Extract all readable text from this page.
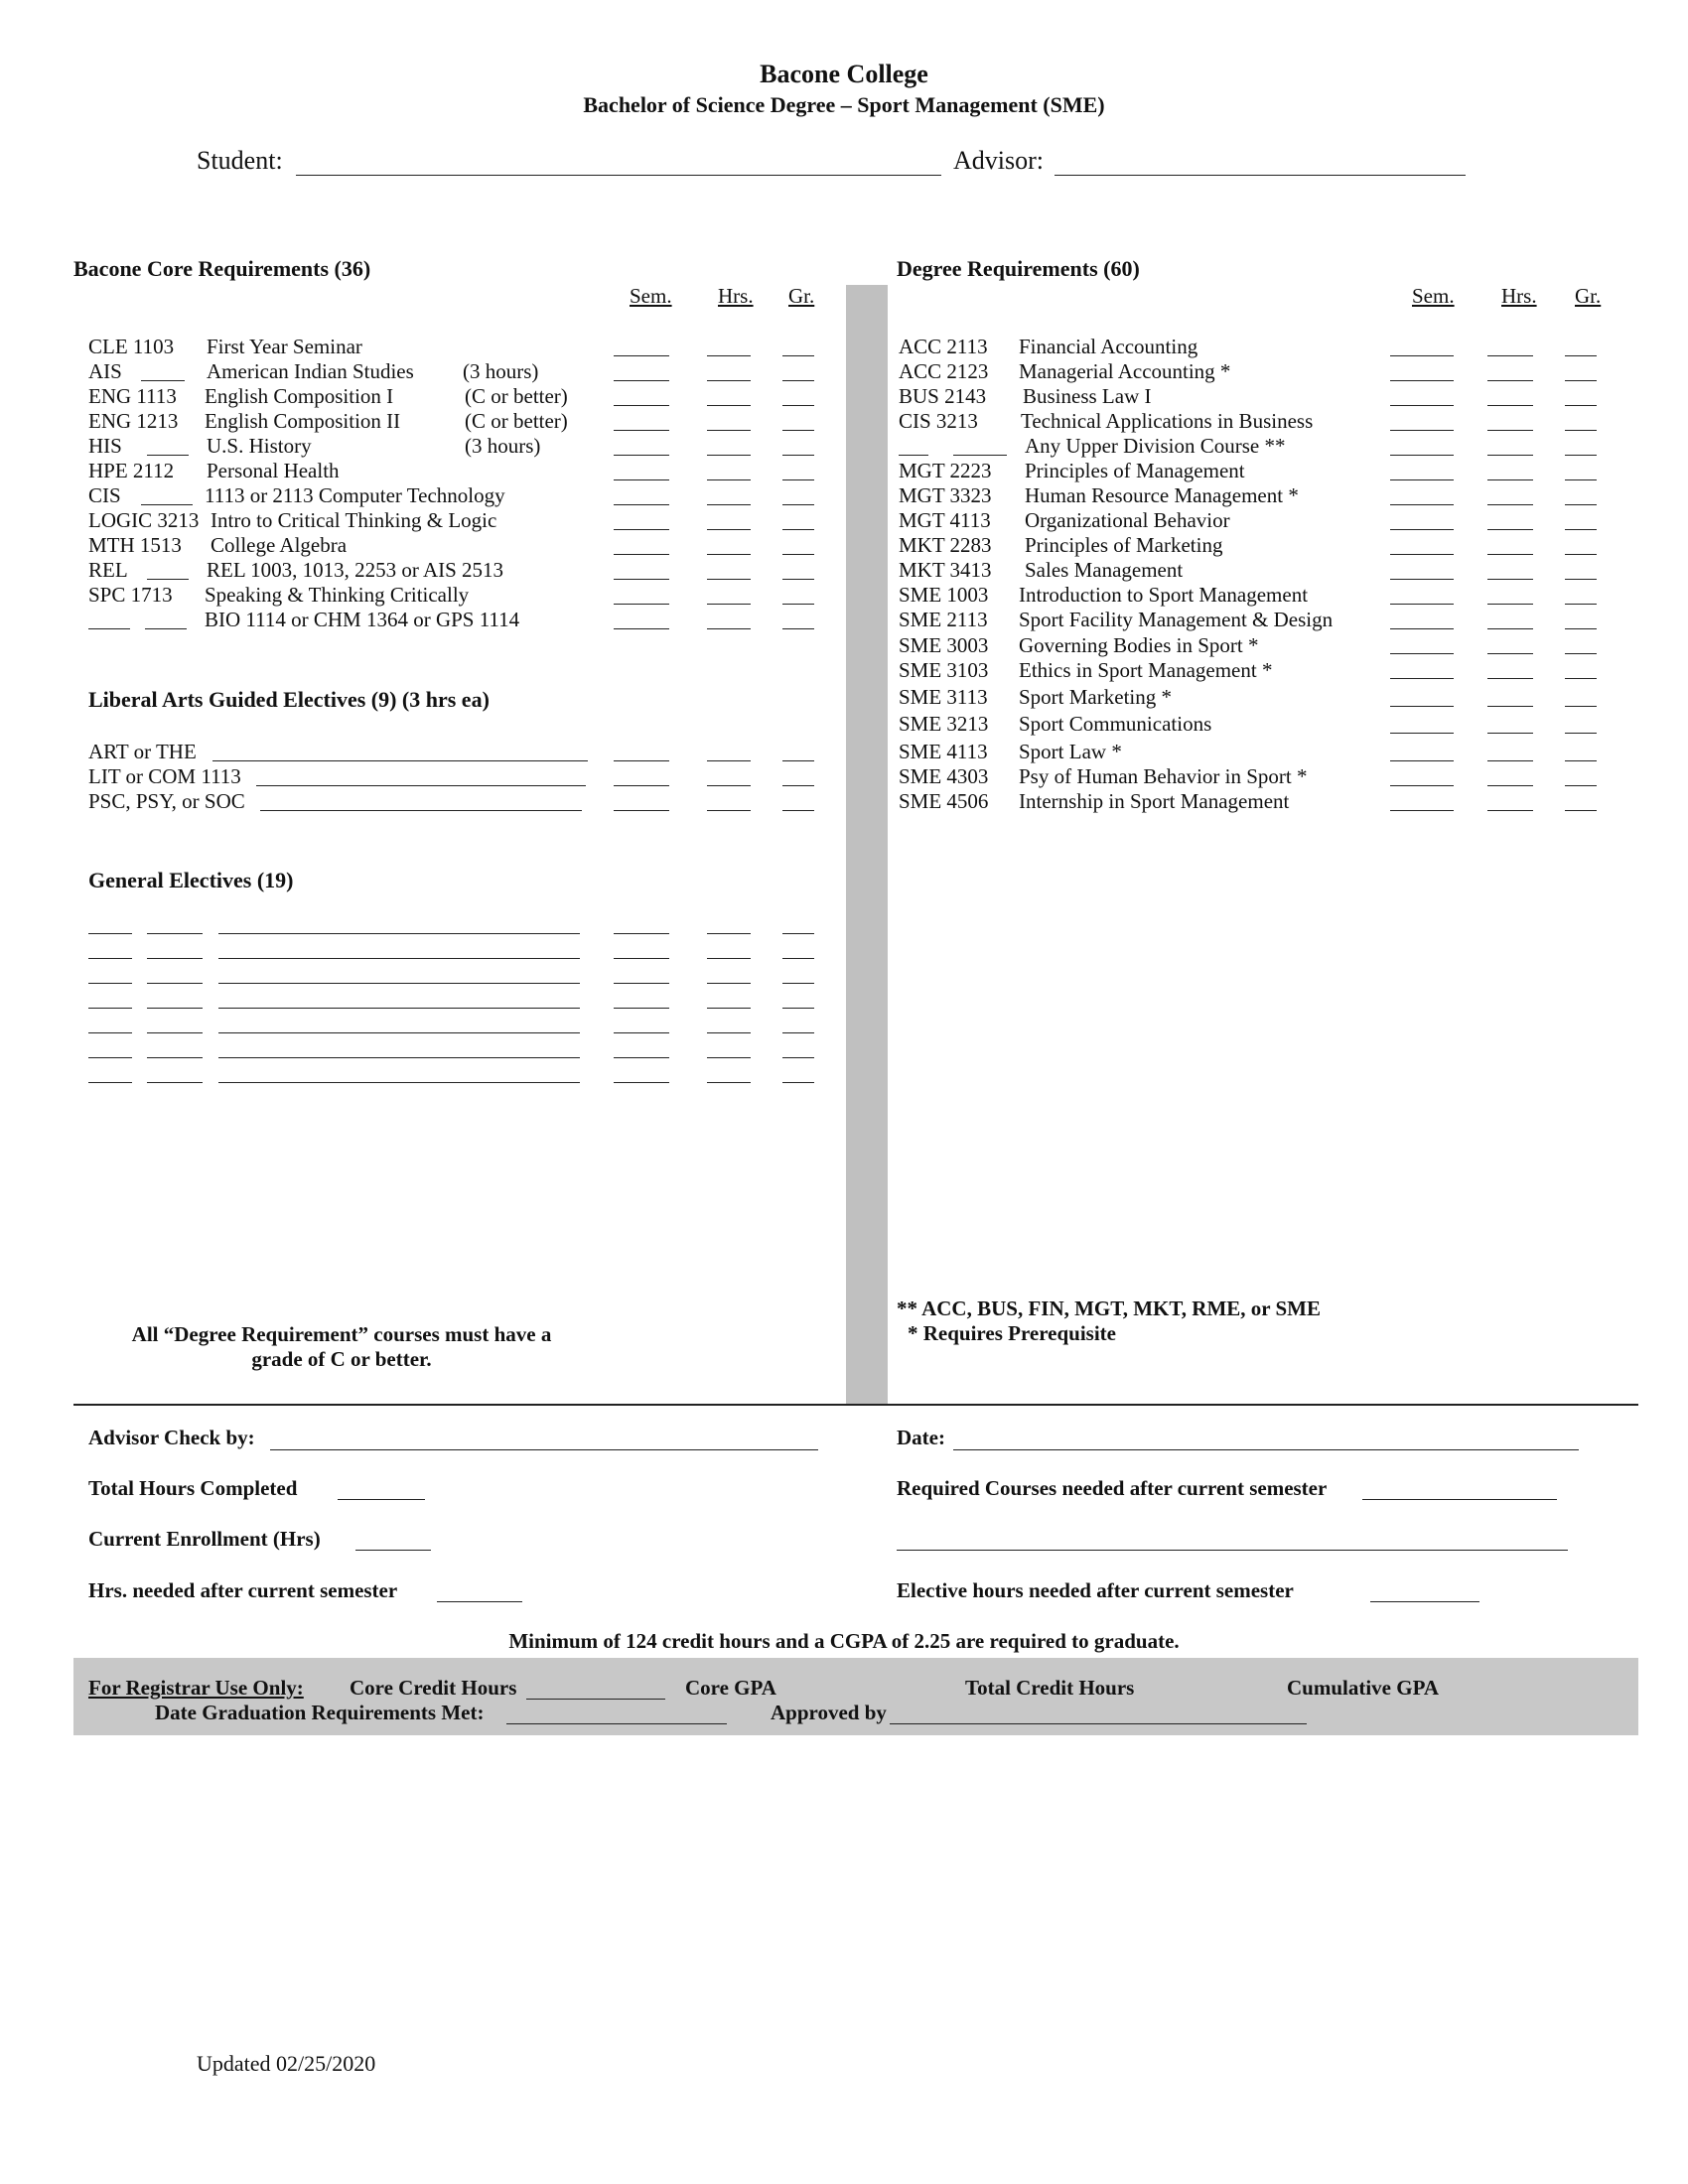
Bacone College
Bachelor of Science Degree – Sport Management (SME)
Student:	Advisor:
Bacone Core Requirements (36)	Degree Requirements (60)
Sem. Hrs. Gr.	Sem. Hrs. Gr.
CLE 1103 First Year Seminar
AIS	American Indian Studies (3 hours)
ENG 1113 English Composition I	(C or better)
ENG 1213 English Composition II	(C or better)
HIS	U.S. History	(3 hours)
HPE 2112 Personal Health
CIS	1113 or 2113 Computer Technology
LOGIC 3213 Intro to Critical Thinking & Logic
MTH 1513 College Algebra
REL	REL 1003, 1013, 2253 or AIS 2513
SPC 1713 Speaking & Thinking Critically
BIO 1114 or CHM 1364 or GPS 1114
Liberal Arts Guided Electives (9) (3 hrs ea)
ART or THE
LIT or COM 1113
PSC, PSY, or SOC
General Electives (19)
ACC 2113 Financial Accounting
ACC 2123 Managerial Accounting *
BUS 2143 Business Law I
CIS 3213 Technical Applications in Business
Any Upper Division Course **
MGT 2223 Principles of Management
MGT 3323 Human Resource Management *
MGT 4113 Organizational Behavior
MKT 2283 Principles of Marketing
MKT 3413 Sales Management
SME 1003 Introduction to Sport Management
SME 2113 Sport Facility Management & Design
SME 3003 Governing Bodies in Sport *
SME 3103 Ethics in Sport Management *
SME 3113 Sport Marketing *
SME 3213 Sport Communications
SME 4113 Sport Law *
SME 4303 Psy of Human Behavior in Sport *
SME 4506 Internship in Sport Management
** ACC, BUS, FIN, MGT, MKT, RME, or SME
* Requires Prerequisite
All “Degree Requirement” courses must have a
grade of C or better.
Advisor Check by:	Date:
Total Hours Completed	Required Courses needed after current semester
Current Enrollment (Hrs)
Hrs. needed after current semester	Elective hours needed after current semester
Minimum of 124 credit hours and a CGPA of 2.25 are required to graduate.
For Registrar Use Only: Core Credit Hours	Core GPA	Total Credit Hours	Cumulative GPA
Date Graduation Requirements Met:	Approved by
Updated 02/25/2020
